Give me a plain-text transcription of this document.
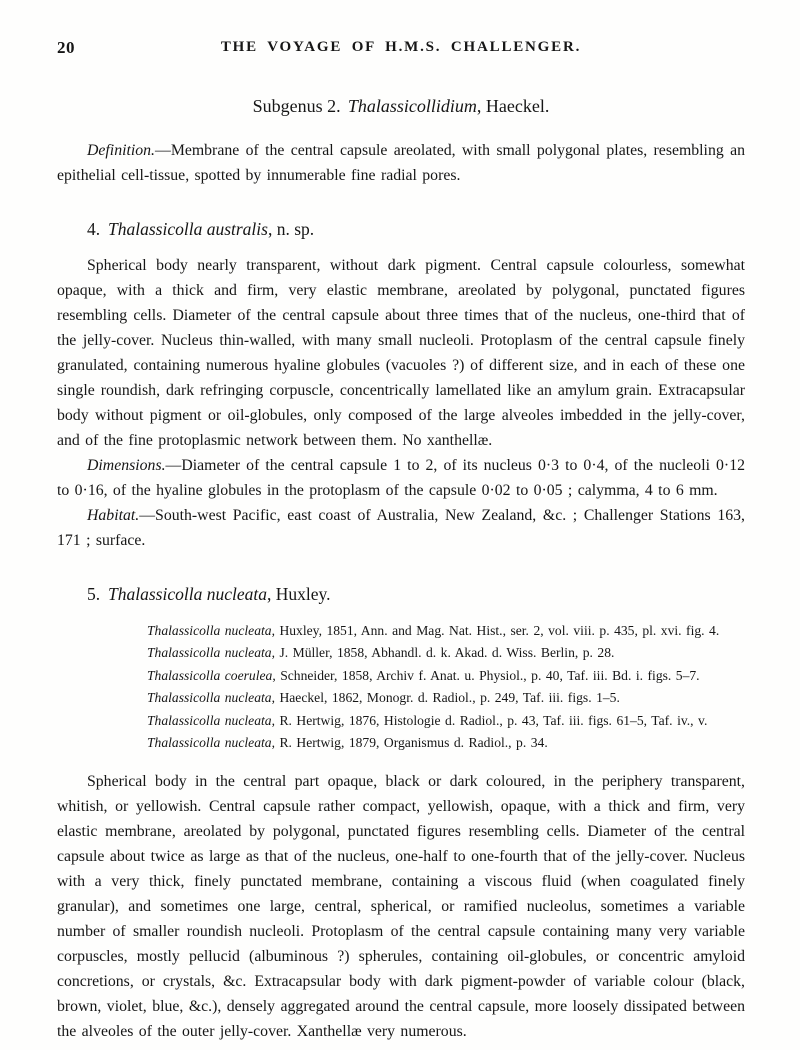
20	THE VOYAGE OF H.M.S. CHALLENGER.
Subgenus 2. Thalassicollidium, Haeckel.

Definition.—Membrane of the central capsule areolated, with small polygonal plates, resembling an epithelial cell-tissue, spotted by innumerable fine radial pores.

4. Thalassicolla australis, n. sp.

Spherical body nearly transparent, without dark pigment. Central capsule colourless, somewhat opaque, with a thick and firm, very elastic membrane, areolated by polygonal, punctated figures resembling cells. Diameter of the central capsule about three times that of the nucleus, one-third that of the jelly-cover. Nucleus thin-walled, with many small nucleoli. Protoplasm of the central capsule finely granulated, containing numerous hyaline globules (vacuoles ?) of different size, and in each of these one single roundish, dark refringing corpuscle, concentrically lamellated like an amylum grain. Extracapsular body without pigment or oil-globules, only composed of the large alveoles imbedded in the jelly-cover, and of the fine protoplasmic network between them. No xanthellæ.

Dimensions.—Diameter of the central capsule 1 to 2, of its nucleus 0·3 to 0·4, of the nucleoli 0·12 to 0·16, of the hyaline globules in the protoplasm of the capsule 0·02 to 0·05 ; calymma, 4 to 6 mm.

Habitat.—South-west Pacific, east coast of Australia, New Zealand, &c. ; Challenger Stations 163, 171 ; surface.

5. Thalassicolla nucleata, Huxley.

Thalassicolla nucleata, Huxley, 1851, Ann. and Mag. Nat. Hist., ser. 2, vol. viii. p. 435, pl. xvi. fig. 4.

Thalassicolla nucleata, J. Müller, 1858, Abhandl. d. k. Akad. d. Wiss. Berlin, p. 28.

Thalassicolla coerulea, Schneider, 1858, Archiv f. Anat. u. Physiol., p. 40, Taf. iii. Bd. i. figs. 5–7.

Thalassicolla nucleata, Haeckel, 1862, Monogr. d. Radiol., p. 249, Taf. iii. figs. 1–5.

Thalassicolla nucleata, R. Hertwig, 1876, Histologie d. Radiol., p. 43, Taf. iii. figs. 61–5, Taf. iv., v.

Thalassicolla nucleata, R. Hertwig, 1879, Organismus d. Radiol., p. 34.

Spherical body in the central part opaque, black or dark coloured, in the periphery transparent, whitish, or yellowish. Central capsule rather compact, yellowish, opaque, with a thick and firm, very elastic membrane, areolated by polygonal, punctated figures resembling cells. Diameter of the central capsule about twice as large as that of the nucleus, one-half to one-fourth that of the jelly-cover. Nucleus with a very thick, finely punctated membrane, containing a viscous fluid (when coagulated finely granular), and sometimes one large, central, spherical, or ramified nucleolus, sometimes a variable number of smaller roundish nucleoli. Protoplasm of the central capsule containing many very variable corpuscles, mostly pellucid (albuminous ?) spherules, containing oil-globules, or concentric amyloid concretions, or crystals, &c. Extracapsular body with dark pigment-powder of variable colour (black, brown, violet, blue, &c.), densely aggregated around the central capsule, more loosely dissipated between the alveoles of the outer jelly-cover. Xanthellæ very numerous.
